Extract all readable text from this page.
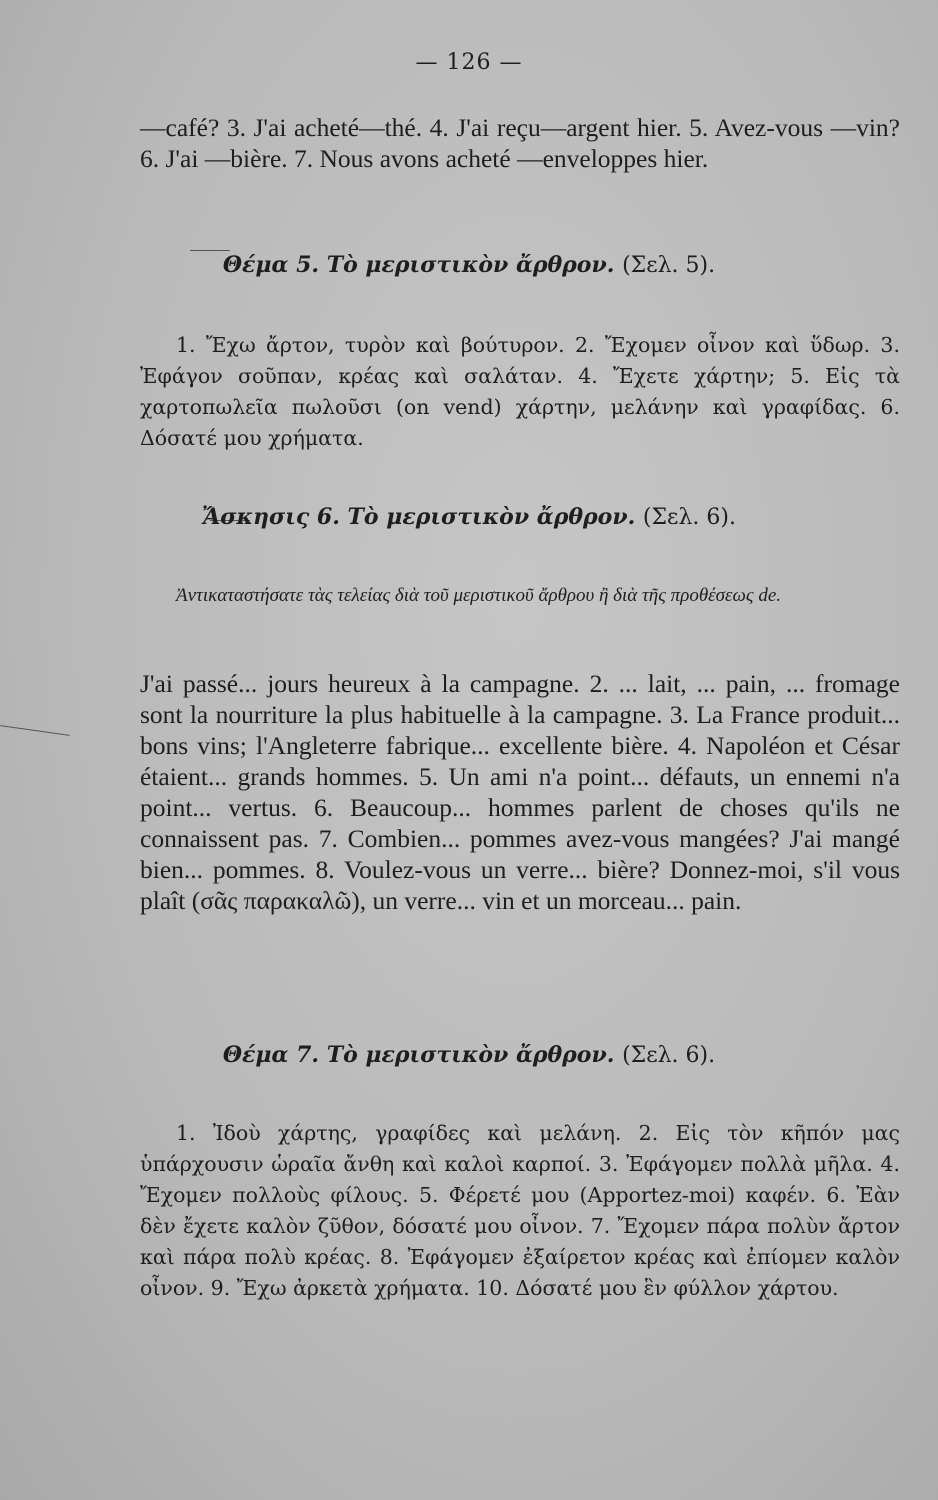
— 126 —
—café? 3. J'ai acheté—thé. 4. J'ai reçu—argent hier. 5. Avez-vous —vin? 6. J'ai —bière. 7. Nous avons acheté —enveloppes hier.
Θέμα 5. Τὸ μεριστικὸν ἄρθρον. (Σελ. 5).
1. Ἔχω ἄρτον, τυρὸν καὶ βούτυρον. 2. Ἔχομεν οἶνον καὶ ὕδωρ. 3. Ἐφάγον σοῦπαν, κρέας καὶ σαλάταν. 4. Ἔχετε χάρτην; 5. Εἰς τὰ χαρτοπωλεῖα πωλοῦσι (on vend) χάρτην, μελάνην καὶ γραφίδας. 6. Δόσατέ μου χρήματα.
Ἄσκησις 6. Τὸ μεριστικὸν ἄρθρον. (Σελ. 6).
Ἀντικαταστήσατε τὰς τελείας διὰ τοῦ μεριστικοῦ ἄρθρου ἢ διὰ τῆς προθέσεως de.
J'ai passé... jours heureux à la campagne. 2. ... lait, ... pain, ... fromage sont la nourriture la plus habituelle à la campagne. 3. La France produit... bons vins; l'Angleterre fabrique... excellente bière. 4. Napoléon et César étaient... grands hommes. 5. Un ami n'a point... défauts, un ennemi n'a point... vertus. 6. Beaucoup... hommes parlent de choses qu'ils ne connaissent pas. 7. Combien... pommes avez-vous mangées? J'ai mangé bien... pommes. 8. Voulez-vous un verre... bière? Donnez-moi, s'il vous plaît (σᾶς παρακαλῶ), un verre... vin et un morceau... pain.
Θέμα 7. Τὸ μεριστικὸν ἄρθρον. (Σελ. 6).
1. Ἰδοὺ χάρτης, γραφίδες καὶ μελάνη. 2. Εἰς τὸν κῆπόν μας ὑπάρχουσιν ὡραῖα ἄνθη καὶ καλοὶ καρποί. 3. Ἐφάγομεν πολλὰ μῆλα. 4. Ἔχομεν πολλοὺς φίλους. 5. Φέρετέ μου (Apportez-moi) καφέν. 6. Ἐὰν δὲν ἔχετε καλὸν ζῦθον, δόσατέ μου οἶνον. 7. Ἔχομεν πάρα πολὺν ἄρτον καὶ πάρα πολὺ κρέας. 8. Ἐφάγομεν ἐξαίρετον κρέας καὶ ἐπίομεν καλὸν οἶνον. 9. Ἔχω ἀρκετὰ χρήματα. 10. Δόσατέ μου ἓν φύλλον χάρτου.
